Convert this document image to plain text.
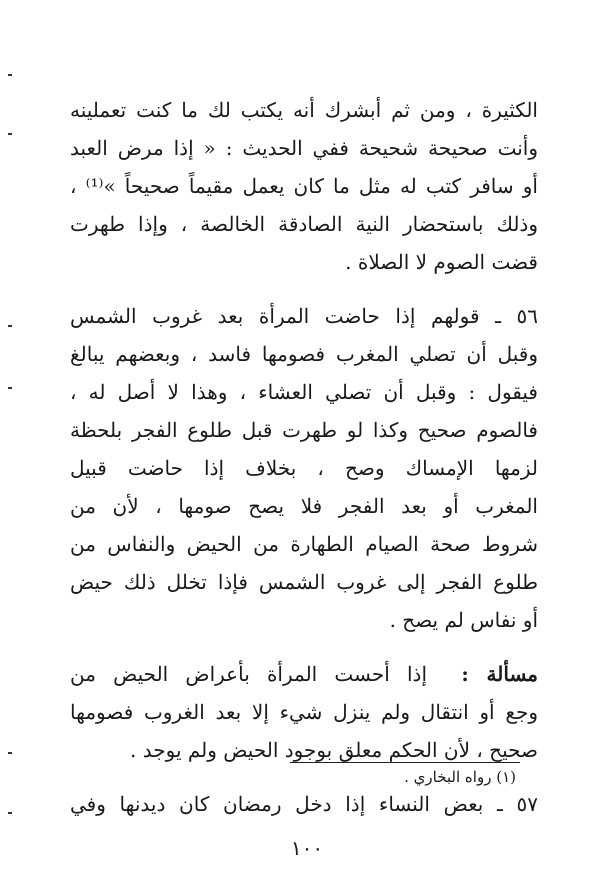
الكثيرة ، ومن ثم أبشرك أنه يكتب لك ما كنت تعملينه
وأنت صحيحة شحيحة ففي الحديث : « إذا مرض العبد
أو سافر كتب له مثل ما كان يعمل مقيماً صحيحاً »⁽¹⁾ ،
وذلك باستحضار النية الصادقة الخالصة ، وإذا طهرت
قضت الصوم لا الصلاة .
٥٦ ـ قولهم إذا حاضت المرأة بعد غروب الشمس
وقبل أن تصلي المغرب فصومها فاسد ، وبعضهم يبالغ
فيقول : وقبل أن تصلي العشاء ، وهذا لا أصل له ،
فالصوم صحيح وكذا لو طهرت قبل طلوع الفجر بلحظة
لزمها الإمساك وصح ، بخلاف إذا حاضت قبيل
المغرب أو بعد الفجر فلا يصح صومها ، لأن من
شروط صحة الصيام الطهارة من الحيض والنفاس من
طلوع الفجر إلى غروب الشمس فإذا تخلل ذلك حيض
أو نفاس لم يصح .
مسألة :  إذا أحست المرأة بأعراض الحيض من
وجع أو انتقال ولم ينزل شيء إلا بعد الغروب فصومها
صحيح ، لأن الحكم معلق بوجود الحيض ولم يوجد .
٥٧ ـ بعض النساء إذا دخل رمضان كان ديدنها وفي
(١) رواه البخاري .
١٠٠
